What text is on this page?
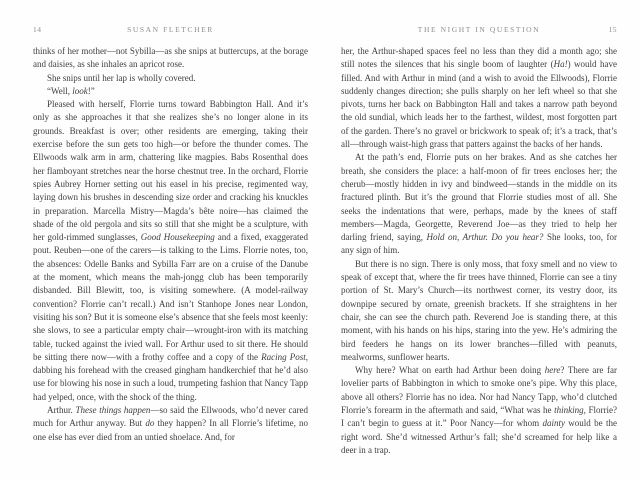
14	SUSAN FLETCHER

thinks of her mother—not Sybilla—as she snips at buttercups, at the borage and daisies, as she inhales an apricot rose.

She snips until her lap is wholly covered.

“Well, look!”

Pleased with herself, Florrie turns toward Babbington Hall. And it’s only as she approaches it that she realizes she’s no longer alone in its grounds. Breakfast is over; other residents are emerging, taking their exercise before the sun gets too high—or before the thunder comes. The Ellwoods walk arm in arm, chattering like magpies. Babs Rosenthal does her flamboyant stretches near the horse chestnut tree. In the orchard, Florrie spies Aubrey Horner setting out his easel in his precise, regimented way, laying down his brushes in descending size order and cracking his knuckles in preparation. Marcella Mistry—Magda’s bête noire—has claimed the shade of the old pergola and sits so still that she might be a sculpture, with her gold-rimmed sunglasses, Good Housekeeping and a fixed, exaggerated pout. Reuben—one of the carers—is talking to the Lims. Florrie notes, too, the absences: Odelle Banks and Sybilla Farr are on a cruise of the Danube at the moment, which means the mah-jongg club has been temporarily disbanded. Bill Blewitt, too, is visiting somewhere. (A model-railway convention? Florrie can’t recall.) And isn’t Stanhope Jones near London, visiting his son? But it is someone else’s absence that she feels most keenly: she slows, to see a particular empty chair—wrought-iron with its matching table, tucked against the ivied wall. For Arthur used to sit there. He should be sitting there now—with a frothy coffee and a copy of the Racing Post, dabbing his forehead with the creased gingham handkerchief that he’d also use for blowing his nose in such a loud, trumpeting fashion that Nancy Tapp had yelped, once, with the shock of the thing.

Arthur. These things happen—so said the Ellwoods, who’d never cared much for Arthur anyway. But do they happen? In all Florrie’s lifetime, no one else has ever died from an untied shoelace. And, for

THE NIGHT IN QUESTION	15

her, the Arthur-shaped spaces feel no less than they did a month ago; she still notes the silences that his single boom of laughter (Ha!) would have filled. And with Arthur in mind (and a wish to avoid the Ellwoods), Florrie suddenly changes direction; she pulls sharply on her left wheel so that she pivots, turns her back on Babbington Hall and takes a narrow path beyond the old sundial, which leads her to the farthest, wildest, most forgotten part of the garden. There’s no gravel or brickwork to speak of; it’s a track, that’s all—through waist-high grass that patters against the backs of her hands.

At the path’s end, Florrie puts on her brakes. And as she catches her breath, she considers the place: a half-moon of fir trees encloses her; the cherub—mostly hidden in ivy and bindweed—stands in the middle on its fractured plinth. But it’s the ground that Florrie studies most of all. She seeks the indentations that were, perhaps, made by the knees of staff members—Magda, Georgette, Reverend Joe—as they tried to help her darling friend, saying, Hold on, Arthur. Do you hear? She looks, too, for any sign of him.

But there is no sign. There is only moss, that foxy smell and no view to speak of except that, where the fir trees have thinned, Florrie can see a tiny portion of St. Mary’s Church—its northwest corner, its vestry door, its downpipe secured by ornate, greenish brackets. If she straightens in her chair, she can see the church path. Reverend Joe is standing there, at this moment, with his hands on his hips, staring into the yew. He’s admiring the bird feeders he hangs on its lower branches—filled with peanuts, mealworms, sunflower hearts.

Why here? What on earth had Arthur been doing here? There are far lovelier parts of Babbington in which to smoke one’s pipe. Why this place, above all others? Florrie has no idea. Nor had Nancy Tapp, who’d clutched Florrie’s forearm in the aftermath and said, “What was he thinking, Florrie? I can’t begin to guess at it.” Poor Nancy—for whom dainty would be the right word. She’d witnessed Arthur’s fall; she’d screamed for help like a deer in a trap.
